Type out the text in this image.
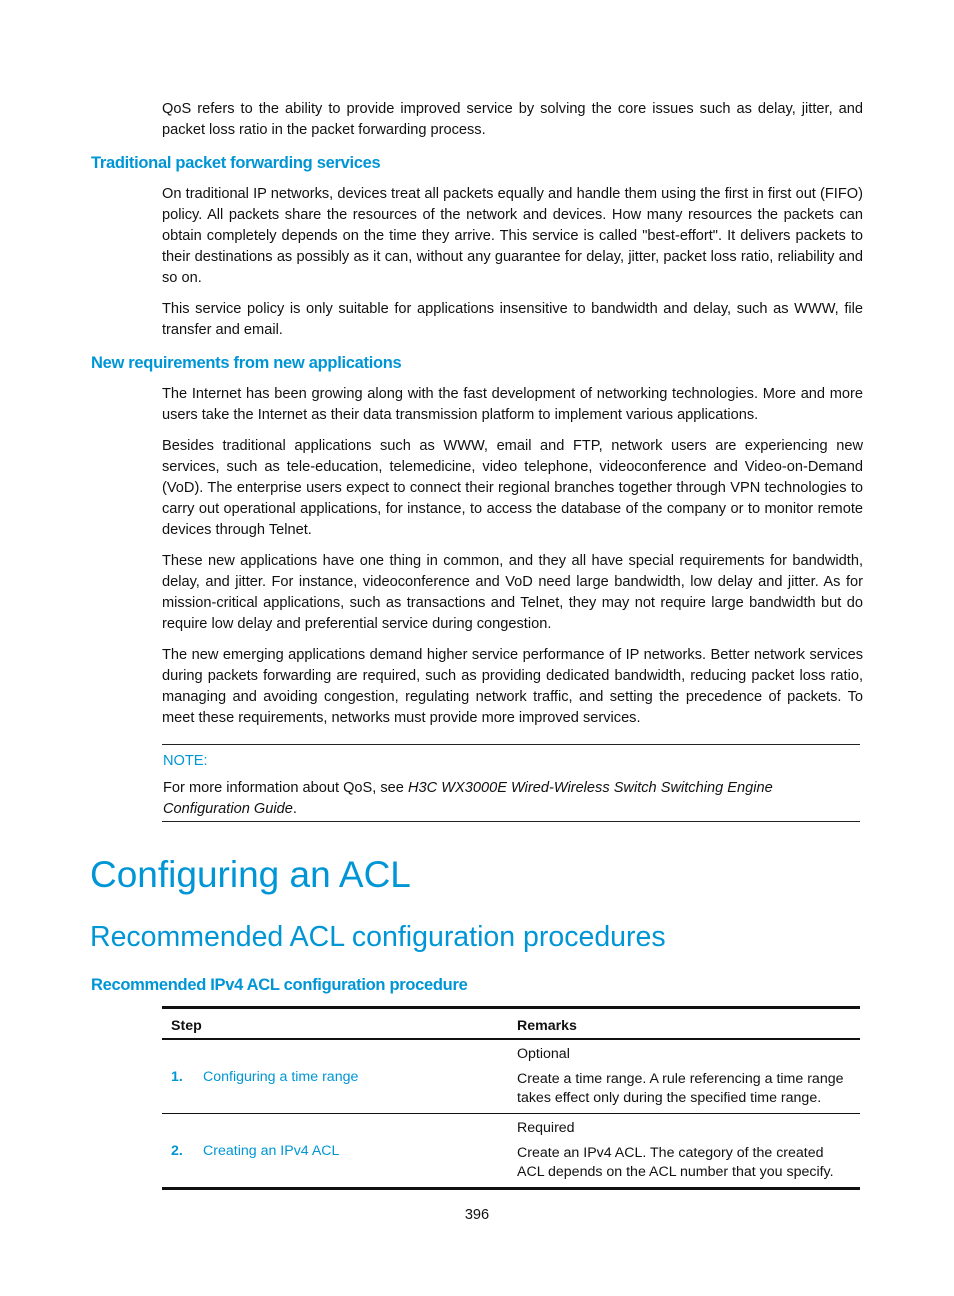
QoS refers to the ability to provide improved service by solving the core issues such as delay, jitter, and packet loss ratio in the packet forwarding process.

Traditional packet forwarding services

On traditional IP networks, devices treat all packets equally and handle them using the first in first out (FIFO) policy. All packets share the resources of the network and devices. How many resources the packets can obtain completely depends on the time they arrive. This service is called "best-effort". It delivers packets to their destinations as possibly as it can, without any guarantee for delay, jitter, packet loss ratio, reliability and so on.

This service policy is only suitable for applications insensitive to bandwidth and delay, such as WWW, file transfer and email.

New requirements from new applications

The Internet has been growing along with the fast development of networking technologies. More and more users take the Internet as their data transmission platform to implement various applications.

Besides traditional applications such as WWW, email and FTP, network users are experiencing new services, such as tele-education, telemedicine, video telephone, videoconference and Video-on-Demand (VoD). The enterprise users expect to connect their regional branches together through VPN technologies to carry out operational applications, for instance, to access the database of the company or to monitor remote devices through Telnet.

These new applications have one thing in common, and they all have special requirements for bandwidth, delay, and jitter. For instance, videoconference and VoD need large bandwidth, low delay and jitter. As for mission-critical applications, such as transactions and Telnet, they may not require large bandwidth but do require low delay and preferential service during congestion.

The new emerging applications demand higher service performance of IP networks. Better network services during packets forwarding are required, such as providing dedicated bandwidth, reducing packet loss ratio, managing and avoiding congestion, regulating network traffic, and setting the precedence of packets. To meet these requirements, networks must provide more improved services.

NOTE:
For more information about QoS, see H3C WX3000E Wired-Wireless Switch Switching Engine Configuration Guide.
Configuring an ACL
Recommended ACL configuration procedures
Recommended IPv4 ACL configuration procedure
Step	Remarks
1. Configuring a time range	Optional
Create a time range. A rule referencing a time range takes effect only during the specified time range.

2. Creating an IPv4 ACL	Required
Create an IPv4 ACL. The category of the created ACL depends on the ACL number that you specify.
396
